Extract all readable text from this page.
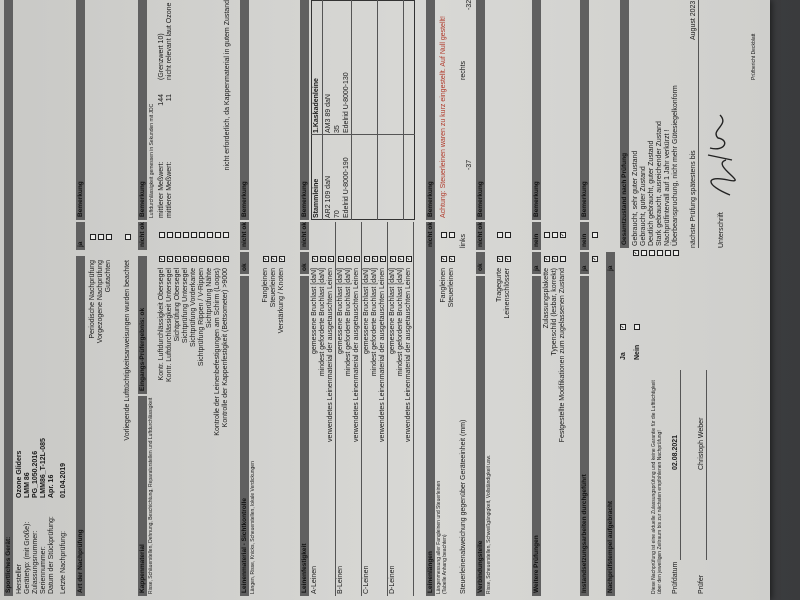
Sportliches Gerät: Hersteller
Ozone Gliders
Gerätetyp: (mit Größe):
LMM 86
Zulassungsnummer:
PG_1050.2016
Seriennummer:
LMM86_T-12L-085
Datum der Stückprüfung:
Apr. 16
Letzte Nachprüfung:
01.04.2019
Art der Nachprüfung
ja
Bemerkung
Periodische Nachprüfung Vorgezogene Nachprüfung Gutachten Vorliegende Lufttüchtigkeitsanweisungen wurden beachtet
Kappenmaterial
Eingangs-Prüfergebnis: ok
nicht ok
Bemerkung
Risse, Schäuerstellen, Dehnung, Beschichtung, Reparaturstellen und Luftdurchlässigkeit
Kontr. Luftdurchlässigkeit Obersegel
✓
Kontr. Luftdurchlässigkeit Untersegel
✓
Sichtprüfung Obersegel
✓
Sichtprüfung Untersegel
✓
Sichtprüfung Vorderkante
✓
Sichtprüfung Rippen / V-Rippen
✓
Sichtprüfung Nähte
✓
Kontrolle der Leinenbefestigungen am Schirm (Loops)
✓
Kontrolle der Kappenfestigkeit (Bettsometer) >9000
✓
Luftdurchlässigkeit gemessen in Sekunden mit JDC mittlerer Meßwert:
144
(Grenzwert 10)
mittlerer Meßwert:
11
nicht relevant laut Ozone	nicht erforderlich, da Kappenmaterial in gutem Zustand
Leinenmaterial - Sichtkontrolle
ok
nicht ok
Bemerkung
Längen, Risse, Knicks, Scheuerstellen, lokale Verdickungen
Fangleinen
✓
Steuerleinen
✓
Verstärkung / Knoten
✓
Leinenfestigkeit
ok
nicht ok
Bemerkung
A-Leinen
gemessene Bruchlast [daN]
✓
mindest geforderte Bruchlast [daN]
✓
verwendetes Leinenmaterial der ausgetauschten Leinen
✓
B-Leinen
gemessene Bruchlast [daN]
✓
mindest geforderte Bruchlast [daN]
✓
verwendetes Leinenmaterial der ausgetauschten Leinen
✓
C-Leinen
gemessene Bruchlast [daN]
✓
mindest geforderte Bruchlast [daN]
✓
verwendetes Leinenmaterial der ausgetauschten Leinen
✓
D-Leinen
gemessene Bruchlast [daN]
✓
mindest geforderte Bruchlast [daN]
✓
verwendetes Leinenmaterial der ausgetauschten Leinen
✓
Stammleine
1.Kaskadenleine
AR2 109 daN
AM3 89 daN
70
35
Edelrid U-8000-190
Edelrid U-8000-130
Leinenlängen
nicht ok
Bemerkung
Längenmessung aller Fangleinen und Steuerleinen (Tabelle Anhang beachten)
Fangleinen
✓
Steuerleinen
✓
Achtung: Steuerleinen waren zu kurz eingestellt. Auf Null gestellt!
Steuerleinenabweichung gegenüber Geräteeinheit (mm)
links
-37
rechts
-32
Verbindungsteile
ok
nicht ok
Bemerkung
Risse, Scheuerstellen, Schweißgängigkeit, Vollständigkeit usw.
Tragegurte
✓
Leinenschlösser
✓
Weitere Prüfungen
ja
nein
Bemerkung
Zulassungsplakette
✓
Typenschild (lesbar, korrekt)
✓
Festgestellte Modifikationen zum zugelassenen Zustand
✓
Instandsetzungsarbeiten durchgeführt
ja
nein
Bemerkung
✓
Nachprüfstempel aufgebracht
ja
Ja
✓
Nein
Diese Nachprüfung ist eine aktuelle Zulassungsprüfung und keine Garantie für die Lufttüchtigkeit über den jeweiligen Zeitraum bis zur nächsten empfohlenen Nachprüfung!
Gesamtzustand nach Prüfung
✓
Gebraucht, sehr guter Zustand Gebraucht, guter Zustand Deutlich gebraucht, guter Zustand Stark gebraucht, ausreichender Zustand Nachprüfintervall auf 1 Jahr verkürzt ! Überbeanspruchung, nicht mehr Gütesiegelkonform
Prüfdatum
02.08.2021
Prüfer
Christoph Weber
nächste Prüfung spätestens bis
August 2023
Unterschrift
Prüfbericht Deckblatt
